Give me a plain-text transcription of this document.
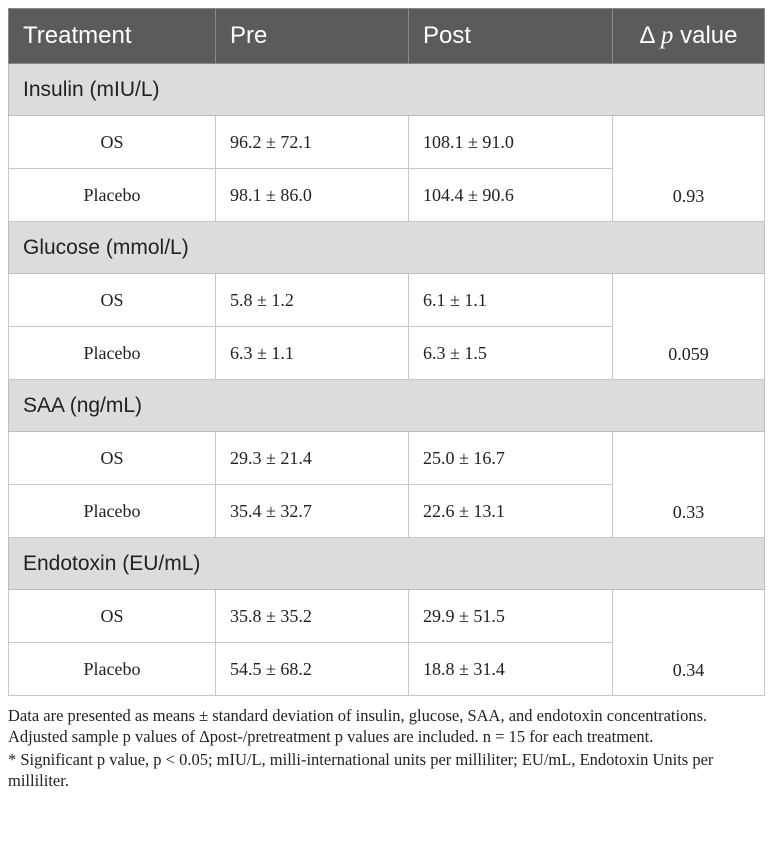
Treatment	Pre	Post	Δ p value
Insulin (mIU/L)			
OS	96.2 ± 72.1	108.1 ± 91.0	0.93
Placebo	98.1 ± 86.0	104.4 ± 90.6	
Glucose (mmol/L)			
OS	5.8 ± 1.2	6.1 ± 1.1	0.059
Placebo	6.3 ± 1.1	6.3 ± 1.5	
SAA (ng/mL)			
OS	29.3 ± 21.4	25.0 ± 16.7	0.33
Placebo	35.4 ± 32.7	22.6 ± 13.1	
Endotoxin (EU/mL)			
OS	35.8 ± 35.2	29.9 ± 51.5	0.34
Placebo	54.5 ± 68.2	18.8 ± 31.4	

Data are presented as means ± standard deviation of insulin, glucose, SAA, and endotoxin concentrations. Adjusted sample p values of Δpost-/pretreatment p values are included. n = 15 for each treatment.

* Significant p value, p < 0.05; mIU/L, milli-international units per milliliter; EU/mL, Endotoxin Units per milliliter.
